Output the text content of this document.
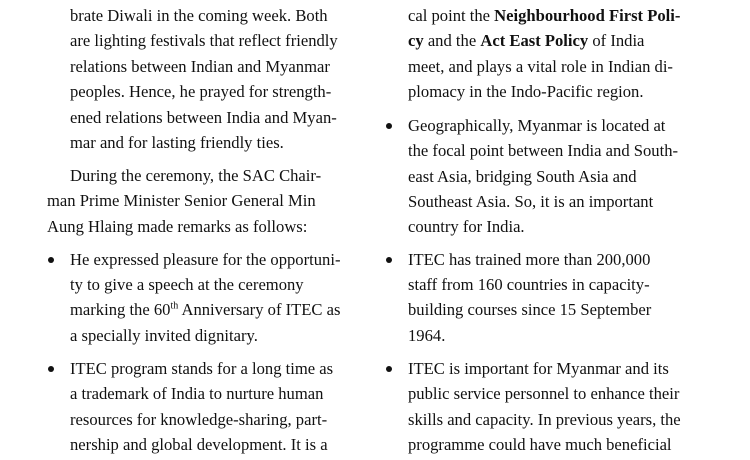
brate Diwali in the coming week. Both
are lighting festivals that reflect friendly
relations between Indian and Myanmar
peoples. Hence, he prayed for strength-
ened relations between India and Myan-
mar and for lasting friendly ties.
During the ceremony, the SAC Chair-
man Prime Minister Senior General Min
Aung Hlaing made remarks as follows:
He expressed pleasure for the opportuni-
ty to give a speech at the ceremony
marking the 60th Anniversary of ITEC as
a specially invited dignitary.
ITEC program stands for a long time as
a trademark of India to nurture human
resources for knowledge-sharing, part-
nership and global development. It is a
cal point the Neighbourhood First Poli-
cy and the Act East Policy of India
meet, and plays a vital role in Indian di-
plomacy in the Indo-Pacific region.
Geographically, Myanmar is located at
the focal point between India and South-
east Asia, bridging South Asia and
Southeast Asia. So, it is an important
country for India.
ITEC has trained more than 200,000
staff from 160 countries in capacity-
building courses since 15 September
1964.
ITEC is important for Myanmar and its
public service personnel to enhance their
skills and capacity. In previous years, the
programme could have much beneficial
